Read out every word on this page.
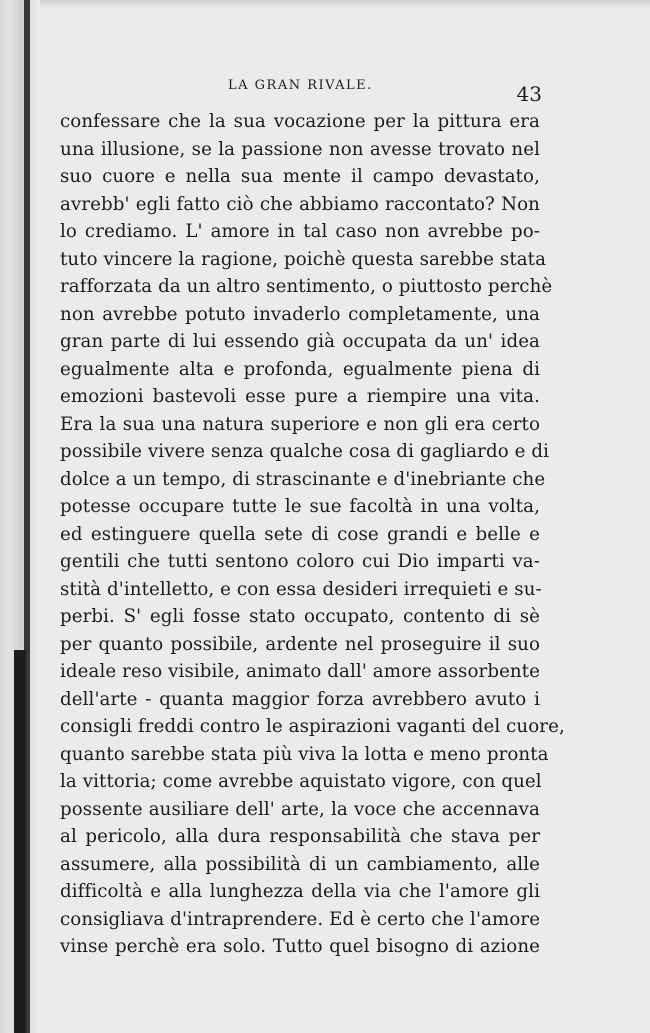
LA GRAN RIVALE.	43
confessare che la sua vocazione per la pittura era
una illusione, se la passione non avesse trovato nel
suo cuore e nella sua mente il campo devastato,
avrebb' egli fatto ciò che abbiamo raccontato? Non
lo crediamo. L' amore in tal caso non avrebbe po-
tuto vincere la ragione, poichè questa sarebbe stata
rafforzata da un altro sentimento, o piuttosto perchè
non avrebbe potuto invaderlo completamente, una
gran parte di lui essendo già occupata da un' idea
egualmente alta e profonda, egualmente piena di
emozioni bastevoli esse pure a riempire una vita.
Era la sua una natura superiore e non gli era certo
possibile vivere senza qualche cosa di gagliardo e di
dolce a un tempo, di strascinante e d'inebriante che
potesse occupare tutte le sue facoltà in una volta,
ed estinguere quella sete di cose grandi e belle e
gentili che tutti sentono coloro cui Dio imparti va-
stità d'intelletto, e con essa desideri irrequieti e su-
perbi. S' egli fosse stato occupato, contento di sè
per quanto possibile, ardente nel proseguire il suo
ideale reso visibile, animato dall' amore assorbente
dell'arte - quanta maggior forza avrebbero avuto i
consigli freddi contro le aspirazioni vaganti del cuore,
quanto sarebbe stata più viva la lotta e meno pronta
la vittoria; come avrebbe aquistato vigore, con quel
possente ausiliare dell' arte, la voce che accennava
al pericolo, alla dura responsabilità che stava per
assumere, alla possibilità di un cambiamento, alle
difficoltà e alla lunghezza della via che l'amore gli
consigliava d'intraprendere. Ed è certo che l'amore
vinse perchè era solo. Tutto quel bisogno di azione
